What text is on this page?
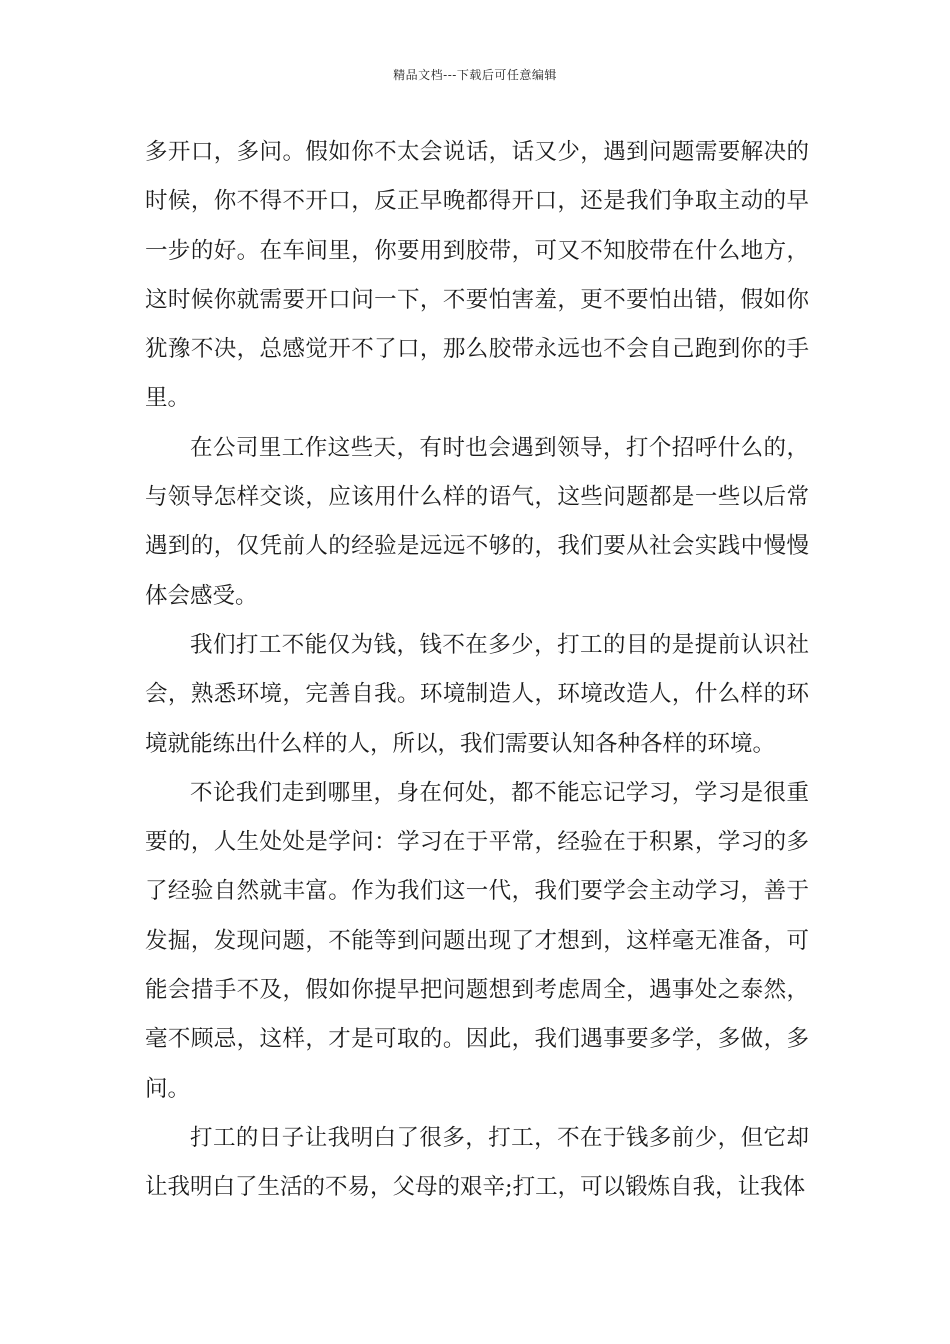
精品文档---下载后可任意编辑

多开口，多问。假如你不太会说话，话又少，遇到问题需要解决的时候，你不得不开口，反正早晚都得开口，还是我们争取主动的早一步的好。在车间里，你要用到胶带，可又不知胶带在什么地方，这时候你就需要开口问一下，不要怕害羞，更不要怕出错，假如你犹豫不决，总感觉开不了口，那么胶带永远也不会自己跑到你的手里。

在公司里工作这些天，有时也会遇到领导，打个招呼什么的，与领导怎样交谈，应该用什么样的语气，这些问题都是一些以后常遇到的，仅凭前人的经验是远远不够的，我们要从社会实践中慢慢体会感受。

我们打工不能仅为钱，钱不在多少，打工的目的是提前认识社会，熟悉环境，完善自我。环境制造人，环境改造人，什么样的环境就能练出什么样的人，所以，我们需要认知各种各样的环境。

不论我们走到哪里，身在何处，都不能忘记学习，学习是很重要的，人生处处是学问：学习在于平常，经验在于积累，学习的多了经验自然就丰富。作为我们这一代，我们要学会主动学习，善于发掘，发现问题，不能等到问题出现了才想到，这样毫无准备，可能会措手不及，假如你提早把问题想到考虑周全，遇事处之泰然，毫不顾忌，这样，才是可取的。因此，我们遇事要多学，多做，多问。

打工的日子让我明白了很多，打工，不在于钱多前少，但它却让我明白了生活的不易，父母的艰辛;打工，可以锻炼自我，让我体
